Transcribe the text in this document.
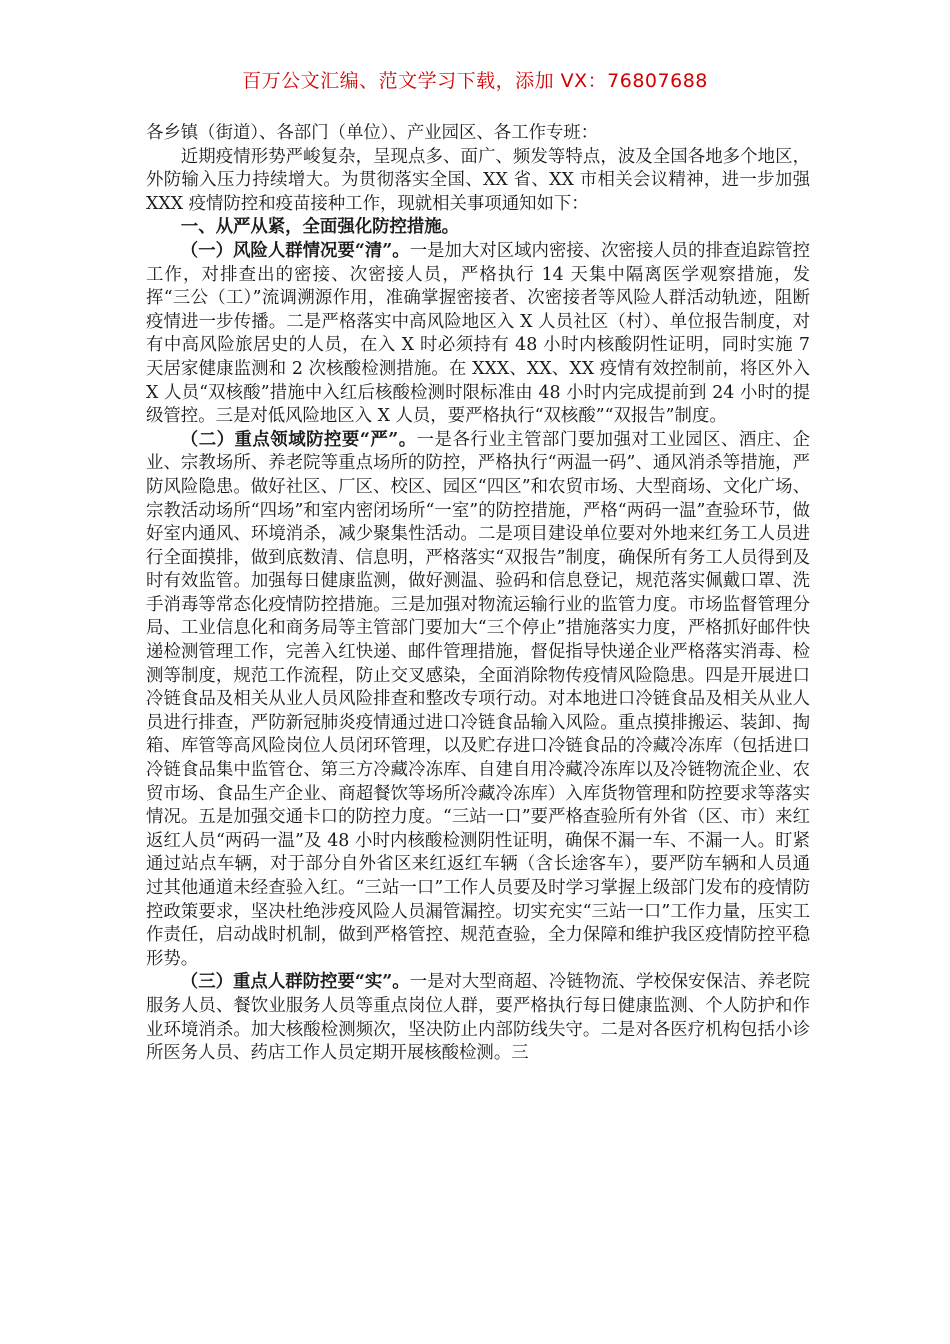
百万公文汇编、范文学习下载，添加 VX：76807688

各乡镇（街道）、各部门（单位）、产业园区、各工作专班：

近期疫情形势严峻复杂，呈现点多、面广、频发等特点，波及全国各地多个地区，外防输入压力持续增大。为贯彻落实全国、XX 省、XX 市相关会议精神，进一步加强 XXX 疫情防控和疫苗接种工作，现就相关事项通知如下：

一、从严从紧，全面强化防控措施。

（一）风险人群情况要“清”。一是加大对区域内密接、次密接人员的排查追踪管控工作，对排查出的密接、次密接人员，严格执行 14 天集中隔离医学观察措施，发挥“三公（工）”流调溯源作用，准确掌握密接者、次密接者等风险人群活动轨迹，阻断疫情进一步传播。二是严格落实中高风险地区入 X 人员社区（村）、单位报告制度，对有中高风险旅居史的人员，在入 X 时必须持有 48 小时内核酸阴性证明，同时实施 7 天居家健康监测和 2 次核酸检测措施。在 XXX、XX、XX 疫情有效控制前，将区外入 X 人员“双核酸”措施中入红后核酸检测时限标准由 48 小时内完成提前到 24 小时的提级管控。三是对低风险地区入 X 人员，要严格执行“双核酸”“双报告”制度。

（二）重点领域防控要“严”。一是各行业主管部门要加强对工业园区、酒庄、企业、宗教场所、养老院等重点场所的防控，严格执行“两温一码”、通风消杀等措施，严防风险隐患。做好社区、厂区、校区、园区“四区”和农贸市场、大型商场、文化广场、宗教活动场所“四场”和室内密闭场所“一室”的防控措施，严格“两码一温”查验环节，做好室内通风、环境消杀，减少聚集性活动。二是项目建设单位要对外地来红务工人员进行全面摸排，做到底数清、信息明，严格落实“双报告”制度，确保所有务工人员得到及时有效监管。加强每日健康监测，做好测温、验码和信息登记，规范落实佩戴口罩、洗手消毒等常态化疫情防控措施。三是加强对物流运输行业的监管力度。市场监督管理分局、工业信息化和商务局等主管部门要加大“三个停止”措施落实力度，严格抓好邮件快递检测管理工作，完善入红快递、邮件管理措施，督促指导快递企业严格落实消毒、检测等制度，规范工作流程，防止交叉感染，全面消除物传疫情风险隐患。四是开展进口冷链食品及相关从业人员风险排查和整改专项行动。对本地进口冷链食品及相关从业人员进行排查，严防新冠肺炎疫情通过进口冷链食品输入风险。重点摸排搬运、装卸、掏箱、库管等高风险岗位人员闭环管理，以及贮存进口冷链食品的冷藏冷冻库（包括进口冷链食品集中监管仓、第三方冷藏冷冻库、自建自用冷藏冷冻库以及冷链物流企业、农贸市场、食品生产企业、商超餐饮等场所冷藏冷冻库）入库货物管理和防控要求等落实情况。五是加强交通卡口的防控力度。“三站一口”要严格查验所有外省（区、市）来红返红人员“两码一温”及 48 小时内核酸检测阴性证明，确保不漏一车、不漏一人。盯紧通过站点车辆，对于部分自外省区来红返红车辆（含长途客车），要严防车辆和人员通过其他通道未经查验入红。“三站一口”工作人员要及时学习掌握上级部门发布的疫情防控政策要求，坚决杜绝涉疫风险人员漏管漏控。切实充实“三站一口”工作力量，压实工作责任，启动战时机制，做到严格管控、规范查验，全力保障和维护我区疫情防控平稳形势。

（三）重点人群防控要“实”。一是对大型商超、冷链物流、学校保安保洁、养老院服务人员、餐饮业服务人员等重点岗位人群，要严格执行每日健康监测、个人防护和作业环境消杀。加大核酸检测频次，坚决防止内部防线失守。二是对各医疗机构包括小诊所医务人员、药店工作人员定期开展核酸检测。三
